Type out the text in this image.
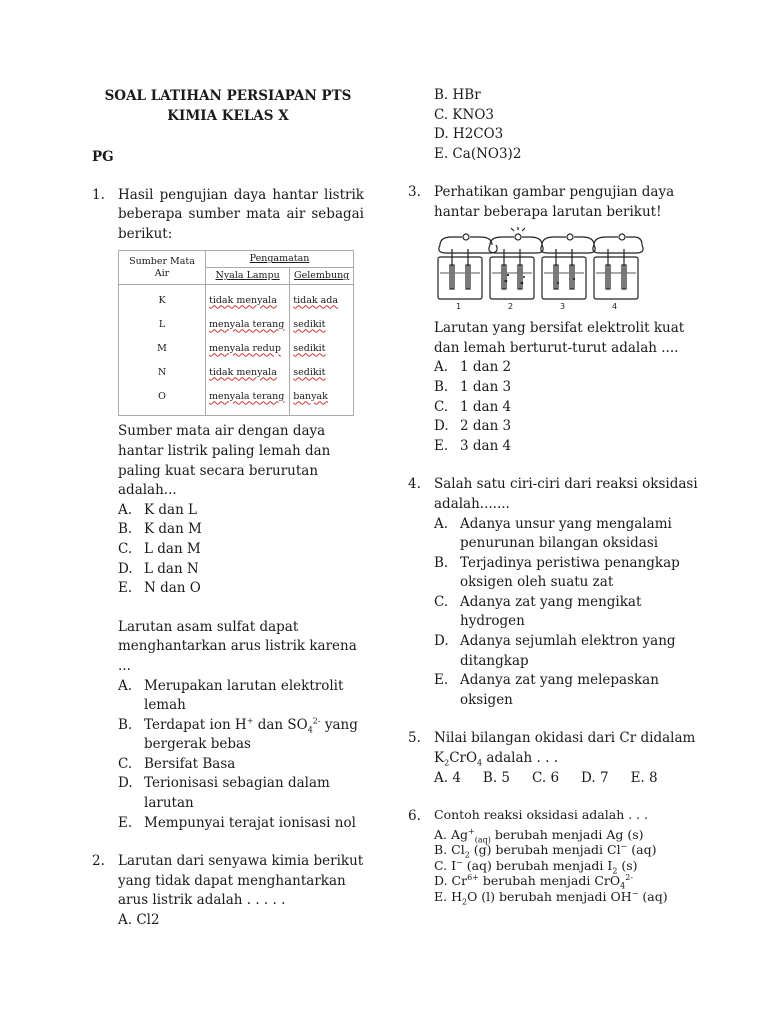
SOAL LATIHAN PERSIAPAN PTS

KIMIA KELAS X

PG
1. Hasil pengujian daya hantar listrik beberapa sumber mata air sebagai berikut:
Sumber Mata Air	Pengamatan	
	Nyala Lampu	Gelembung
K	tidak menyala	tidak ada
L	menyala terang	sedikit
M	menyala redup	sedikit
N	tidak menyala	sedikit
O	menyala terang	banyak
Sumber mata air dengan daya hantar listrik paling lemah dan paling kuat secara berurutan adalah...
A. K dan L
B. K dan M
C. L dan M
D. L dan N
E. N dan O
Larutan asam sulfat dapat menghantarkan arus listrik karena ...
A. Merupakan larutan elektrolit lemah
B. Terdapat ion H+ dan $SO_4^{2-}$ yang bergerak bebas
C. Bersifat Basa
D. Terionisasi sebagian dalam larutan
E. Mempunyai terajat ionisasi nol
2. Larutan dari senyawa kimia berikut yang tidak dapat menghantarkan arus listrik adalah . . . . .
A. Cl2
B. HBr
C. KNO3
D. H2CO3
E. Ca(NO3)2
3. Perhatikan gambar pengujian daya hantar beberapa larutan berikut!
1	2	3	4
Larutan yang bersifat elektrolit kuat dan lemah berturut-turut adalah ....
A. 1 dan 2
B. 1 dan 3
C. 1 dan 4
D. 2 dan 3
E. 3 dan 4
4. Salah satu ciri-ciri dari reaksi oksidasi adalah.......
A. Adanya unsur yang mengalami penurunan bilangan oksidasi
B. Terjadinya peristiwa penangkap oksigen oleh suatu zat
C. Adanya zat yang mengikat hydrogen
D. Adanya sejumlah elektron yang ditangkap
E. Adanya zat yang melepaskan oksigen
5. Nilai bilangan okidasi dari Cr didalam $K_2CrO_4$ adalah . . .
A. 4 B. 5 C. 6 D. 7 E. 8
6.	Contoh reaksi oksidasi adalah . . .
A. $Ag^+_{(aq)}$ berubah menjadi Ag (s)
B. $Cl_2$ (g) berubah menjadi Cl− (aq)
C. I− (aq) berubah menjadi $I_2$ (s)
D. $Cr^{6+}$ berubah menjadi CrO$_4^{2-}$
E. $H_2O$ (l) berubah menjadi OH− (aq)
